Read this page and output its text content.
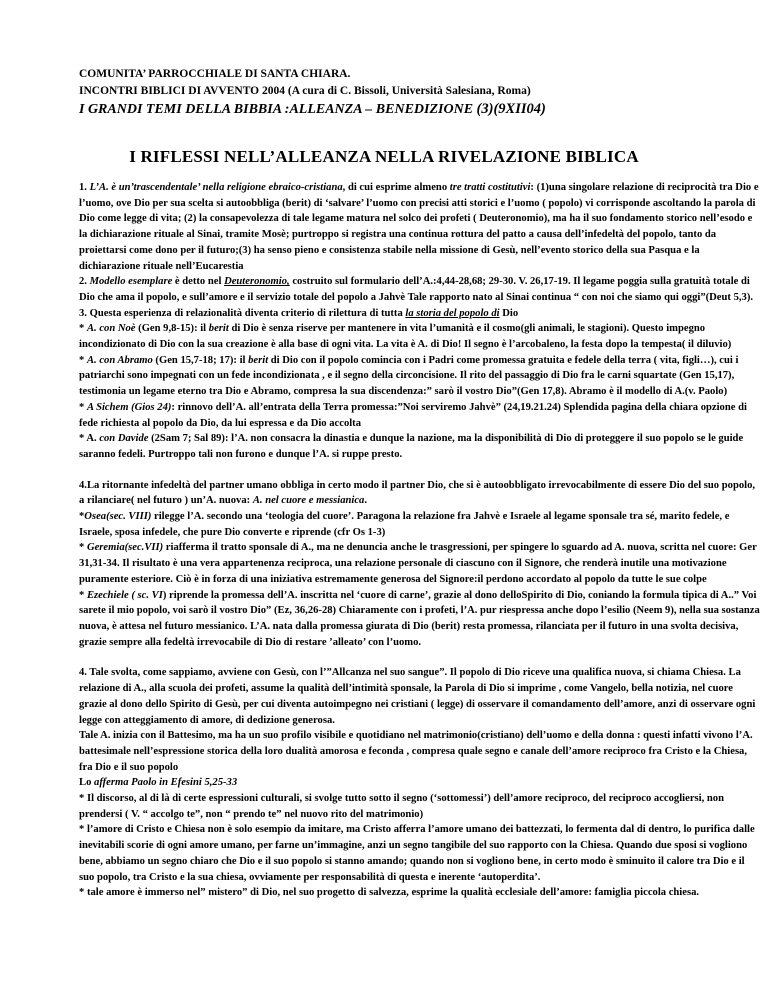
COMUNITA’ PARROCCHIALE DI SANTA CHIARA.
INCONTRI BIBLICI DI AVVENTO 2004 (A cura di C. Bissoli, Università Salesiana, Roma)
I GRANDI TEMI DELLA BIBBIA :ALLEANZA – BENEDIZIONE (3)(9XII04)
I RIFLESSI NELL’ALLEANZA NELLA RIVELAZIONE BIBLICA

1. L’A. è un’trascendentale’ nella religione ebraico-cristiana, di cui esprime almeno tre tratti costitutivi: (1)una singolare relazione di reciprocità tra Dio e l’uomo, ove Dio per sua scelta si autoobbliga (berit) di ‘salvare’ l’uomo con precisi atti storici e l’uomo ( popolo) vi corrisponde ascoltando la parola di Dio come legge di vita; (2) la consapevolezza di tale legame matura nel solco dei profeti ( Deuteronomio), ma ha il suo fondamento storico nell’esodo e la dichiarazione rituale al Sinai, tramite Mosè; purtroppo si registra una continua rottura del patto a causa dell’infedeltà del popolo, tanto da proiettarsi come dono per il futuro;(3) ha senso pieno e consistenza stabile nella missione di Gesù, nell’evento storico della sua Pasqua e la dichiarazione rituale nell’Eucarestia

2. Modello esemplare è detto nel Deuteronomio, costruito sul formulario dell’A.:4,44-28,68; 29-30. V. 26,17-19. Il legame poggia sulla gratuità totale di Dio che ama il popolo, e sull’amore e il servizio totale del popolo a Jahvè Tale rapporto nato al Sinai continua “ con noi che siamo qui oggi”(Deut 5,3).

3. Questa esperienza di relazionalità diventa criterio di rilettura di tutta la storia del popolo di Dio

* A. con Noè (Gen 9,8-15): il berit di Dio è senza riserve per mantenere in vita l’umanità e il cosmo(gli animali, le stagioni). Questo impegno incondizionato di Dio con la sua creazione è alla base di ogni vita. La vita è A. di Dio! Il segno è l’arcobaleno, la festa dopo la tempesta( il diluvio)

* A. con Abramo (Gen 15,7-18; 17): il berit di Dio con il popolo comincia con i Padri come promessa gratuita e fedele della terra ( vita, figli…), cui i patriarchi sono impegnati con un fede incondizionata , e il segno della circoncisione. Il rito del passaggio di Dio fra le carni squartate (Gen 15,17), testimonia un legame eterno tra Dio e Abramo, compresa la sua discendenza:” sarò il vostro Dio”(Gen 17,8). Abramo è il modello di A.(v. Paolo)

* A Sichem (Gios 24): rinnovo dell’A. all’entrata della Terra promessa:”Noi serviremo Jahvè” (24,19.21.24) Splendida pagina della chiara opzione di fede richiesta al popolo da Dio, da lui espressa e da Dio accolta

* A. con Davide (2Sam 7; Sal 89): l’A. non consacra la dinastia e dunque la nazione, ma la disponibilità di Dio di proteggere il suo popolo se le guide saranno fedeli. Purtroppo tali non furono e dunque l’A. si ruppe presto.

4.La ritornante infedeltà del partner umano obbliga in certo modo il partner Dio, che si è autoobbligato irrevocabilmente di essere Dio del suo popolo, a rilanciare( nel futuro ) un’A. nuova: A. nel cuore e messianica.

*Osea(sec. VIII) rilegge l’A. secondo una ‘teologia del cuore’. Paragona la relazione fra Jahvè e Israele al legame sponsale tra sé, marito fedele, e Israele, sposa infedele, che pure Dio converte e riprende (cfr Os 1-3)

* Geremia(sec.VII) riafferma il tratto sponsale di A., ma ne denuncia anche le trasgressioni, per spingere lo sguardo ad A. nuova, scritta nel cuore: Ger 31,31-34. Il risultato è una vera appartenenza reciproca, una relazione personale di ciascuno con il Signore, che renderà inutile una motivazione puramente esteriore. Ciò è in forza di una iniziativa estremamente generosa del Signore:il perdono accordato al popolo da tutte le sue colpe

* Ezechiele ( sc. VI) riprende la promessa dell’A. inscritta nel ‘cuore di carne’, grazie al dono delloSpirito di Dio, coniando la formula tipica di A..” Voi sarete il mio popolo, voi sarò il vostro Dio” (Ez, 36,26-28) Chiaramente con i profeti, l’A. pur riespressa anche dopo l’esilio (Neem 9), nella sua sostanza nuova, è attesa nel futuro messianico. L’A. nata dalla promessa giurata di Dio (berit) resta promessa, rilanciata per il futuro in una svolta decisiva, grazie sempre alla fedeltà irrevocabile di Dio di restare ’alleato’ con l’uomo.

4. Tale svolta, come sappiamo, avviene con Gesù, con l’”Allcanza nel suo sangue”. Il popolo di Dio riceve una qualifica nuova, si chiama Chiesa. La relazione di A., alla scuola dei profeti, assume la qualità dell’intimità sponsale, la Parola di Dio si imprime , come Vangelo, bella notizia, nel cuore grazie al dono dello Spirito di Gesù, per cui diventa autoimpegno nei cristiani ( legge) di osservare il comandamento dell’amore, anzi di osservare ogni legge con atteggiamento di amore, di dedizione generosa.

Tale A. inizia con il Battesimo, ma ha un suo profilo visibile e quotidiano nel matrimonio(cristiano) dell’uomo e della donna : questi infatti vivono l’A. battesimale nell’espressione storica della loro dualità amorosa e feconda , compresa quale segno e canale dell’amore reciproco fra Cristo e la Chiesa, fra Dio e il suo popolo

Lo afferma Paolo in Efesini 5,25-33

* Il discorso, al di là di certe espressioni culturali, si svolge tutto sotto il segno (‘sottomessi’) dell’amore reciproco, del reciproco accogliersi, non prendersi ( V. “ accolgo te”, non “ prendo te” nel nuovo rito del matrimonio)

* l’amore di Cristo e Chiesa non è solo esempio da imitare, ma Cristo afferra l’amore umano dei battezzati, lo fermenta dal di dentro, lo purifica dalle inevitabili scorie di ogni amore umano, per farne un’immagine, anzi un segno tangibile del suo rapporto con la Chiesa. Quando due sposi si vogliono bene, abbiamo un segno chiaro che Dio e il suo popolo si stanno amando; quando non si vogliono bene, in certo modo è sminuito il calore tra Dio e il suo popolo, tra Cristo e la sua chiesa, ovviamente per responsabilità di questa e inerente ‘autoperdita’.

* tale amore è immerso nel” mistero” di Dio, nel suo progetto di salvezza, esprime la qualità ecclesiale dell’amore: famiglia piccola chiesa.
